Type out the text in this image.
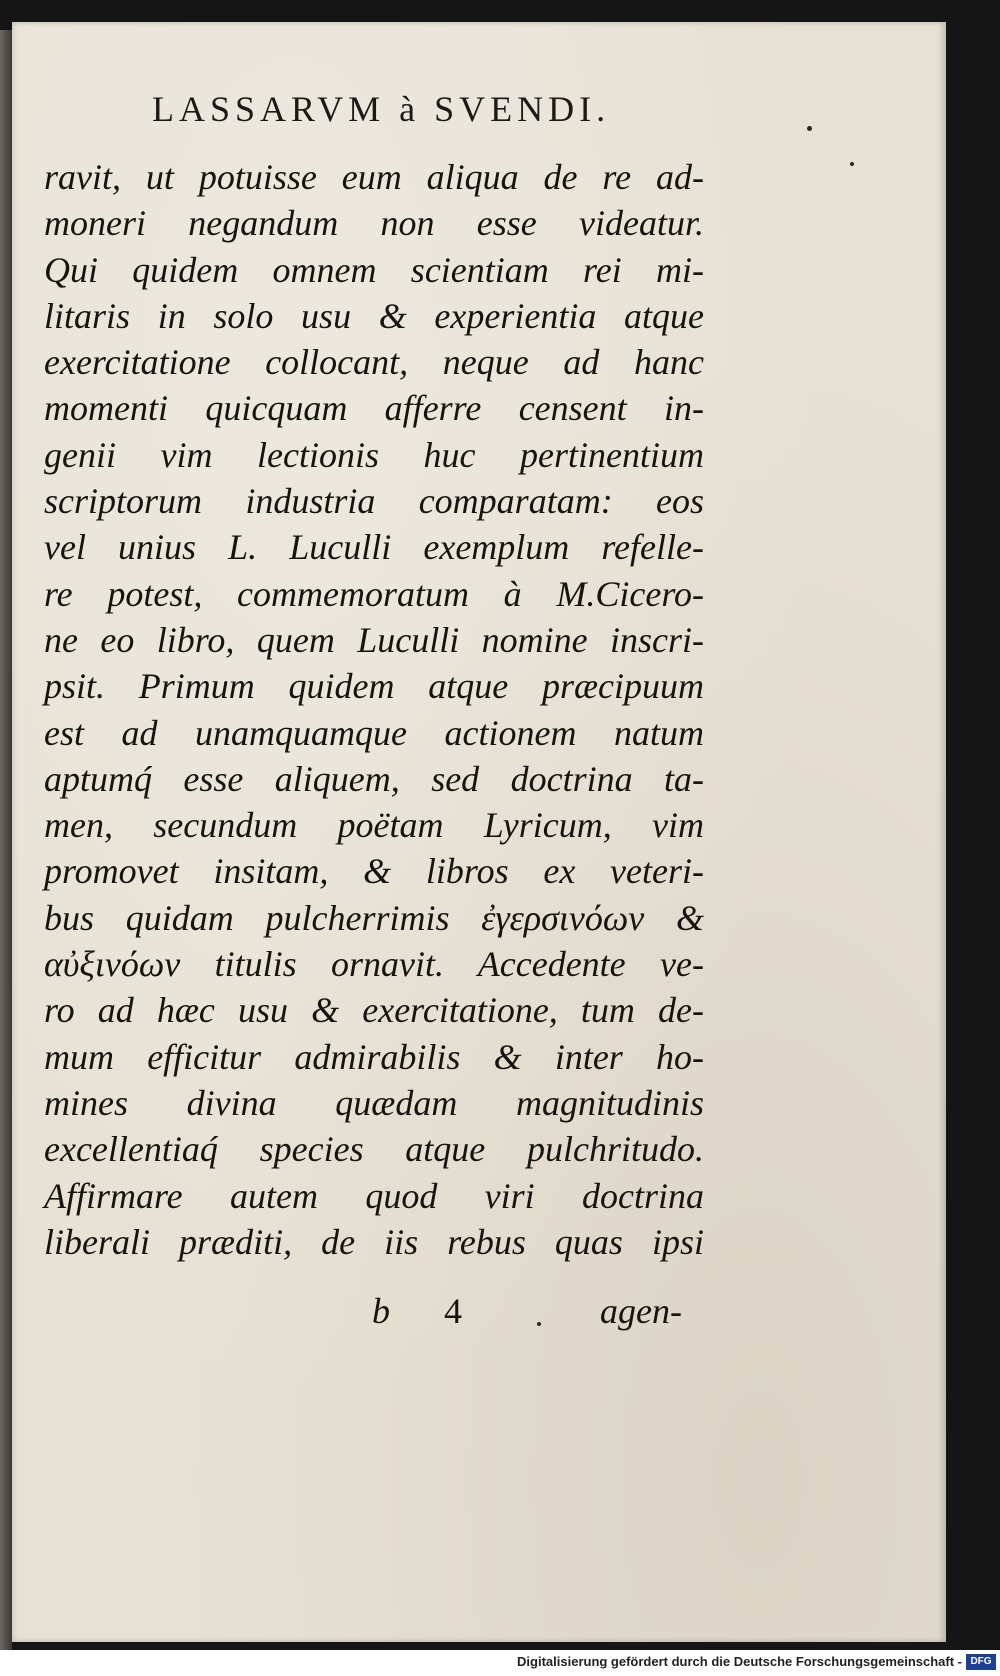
LASSARVM à SVENDI.
ravit, ut potuisse eum aliqua de re ad-
moneri negandum non esse videatur.
Qui quidem omnem scientiam rei mi-
litaris in solo usu & experientia atque
exercitatione collocant, neque ad hanc
momenti quicquam afferre censent in-
genii vim lectionis huc pertinentium
scriptorum industria comparatam: eos
vel unius L. Luculli exemplum refelle-
re potest, commemoratum à M.Cicero-
ne eo libro, quem Luculli nomine inscri-
psit. Primum quidem atque præcipuum
est ad unamquamque actionem natum
aptumq́ esse aliquem, sed doctrina ta-
men, secundum poëtam Lyricum, vim
promovet insitam, & libros ex veteri-
bus quidam pulcherrimis ἐγερσινόων &
αὐξινόων titulis ornavit. Accedente ve-
ro ad hæc usu & exercitatione, tum de-
mum efficitur admirabilis & inter ho-
mines divina quædam magnitudinis
excellentiaq́ species atque pulchritudo.
Affirmare autem quod viri doctrina
liberali præditi, de iis rebus quas ipsi
b 4	agen-
Digitalisierung gefördert durch die Deutsche Forschungsgemeinschaft - DFG
